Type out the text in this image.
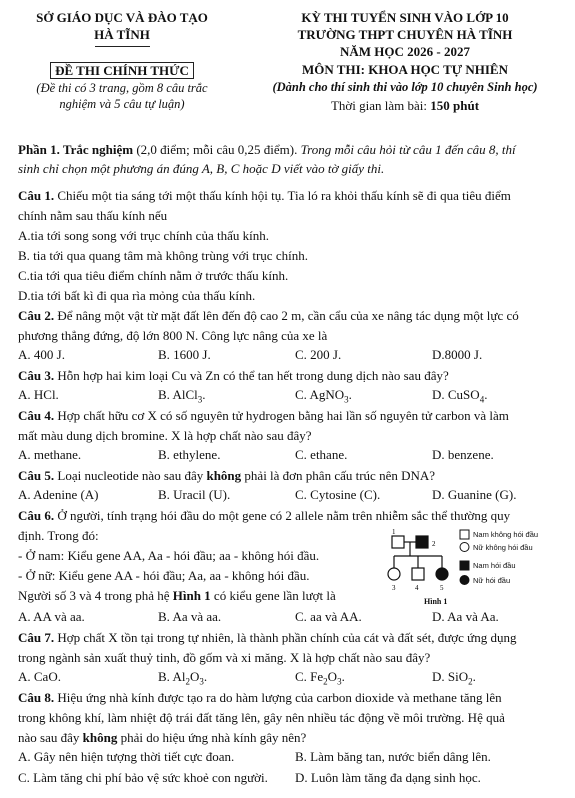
SỞ GIÁO DỤC VÀ ĐÀO TẠO
HÀ TĨNH
ĐỀ THI CHÍNH THỨC
(Đề thi có 3 trang, gồm 8 câu trắc
nghiệm và 5 câu tự luận)
KỲ THI TUYỂN SINH VÀO LỚP 10
TRƯỜNG THPT CHUYÊN HÀ TĨNH
NĂM HỌC 2026 - 2027
MÔN THI: KHOA HỌC TỰ NHIÊN
(Dành cho thí sinh thi vào lớp 10 chuyên Sinh học)
Thời gian làm bài: 150 phút
Phần 1. Trắc nghiệm (2,0 điểm; mỗi câu 0,25 điểm). Trong mỗi câu hỏi từ câu 1 đến câu 8, thí
sinh chỉ chọn một phương án đúng A, B, C hoặc D viết vào tờ giấy thi.
Câu 1. Chiếu một tia sáng tới một thấu kính hội tụ. Tia ló ra khỏi thấu kính sẽ đi qua tiêu điểm
chính nằm sau thấu kính nếu
A.tia tới song song với trục chính của thấu kính.
B. tia tới qua quang tâm mà không trùng với trục chính.
C.tia tới qua tiêu điểm chính nằm ở trước thấu kính.
D.tia tới bất kì đi qua rìa mỏng của thấu kính.
Câu 2. Để nâng một vật từ mặt đất lên đến độ cao 2 m, cần cẩu của xe nâng tác dụng một lực có
phương thẳng đứng, độ lớn 800 N. Công lực nâng của xe là
A. 400 J.	B. 1600 J.	C. 200 J.	D.8000 J.
Câu 3. Hỗn hợp hai kim loại Cu và Zn có thể tan hết trong dung dịch nào sau đây?
A. HCl.	B. AlCl$_3$.	C. AgNO$_3$.	D. CuSO$_4$.
Câu 4. Hợp chất hữu cơ X có số nguyên tử hydrogen bằng hai lần số nguyên tử carbon và làm
mất màu dung dịch bromine. X là hợp chất nào sau đây?
A. methane.	B. ethylene.	C. ethane.	D. benzene.
Câu 5. Loại nucleotide nào sau đây không phải là đơn phân cấu trúc nên DNA?
A. Adenine (A)	B. Uracil (U).	C. Cytosine (C).	D. Guanine (G).
Câu 6. Ở người, tính trạng hói đầu do một gene có 2 allele nằm trên nhiễm sắc thể thường quy
định. Trong đó:
- Ở nam: Kiểu gene AA, Aa - hói đầu; aa - không hói đầu.
- Ở nữ: Kiểu gene AA - hói đầu; Aa, aa - không hói đầu.
Người số 3 và 4 trong phả hệ Hình 1 có kiểu gene lần lượt là
1
2
3	4	5
Nam không hói đầu
Nữ không hói đầu
Nam hói đầu
Nữ hói đầu
Hình 1
A. AA và aa.	B. Aa và aa.	C. aa và AA.	D. Aa và Aa.
Câu 7. Hợp chất X tồn tại trong tự nhiên, là thành phần chính của cát và đất sét, được ứng dụng
trong ngành sản xuất thuỷ tinh, đồ gốm và xi măng. X là hợp chất nào sau đây?
A. CaO.	B. $Al_2O_3$.	C. $Fe_2O_3$.	D. SiO$_2$.
Câu 8. Hiệu ứng nhà kính được tạo ra do hàm lượng của carbon dioxide và methane tăng lên
trong không khí, làm nhiệt độ trái đất tăng lên, gây nên nhiều tác động về môi trường. Hệ quả
nào sau đây không phải do hiệu ứng nhà kính gây nên?
A. Gây nên hiện tượng thời tiết cực đoan.	B. Làm băng tan, nước biển dâng lên.
C. Làm tăng chi phí bảo vệ sức khoẻ con người. D. Luôn làm tăng đa dạng sinh học.
